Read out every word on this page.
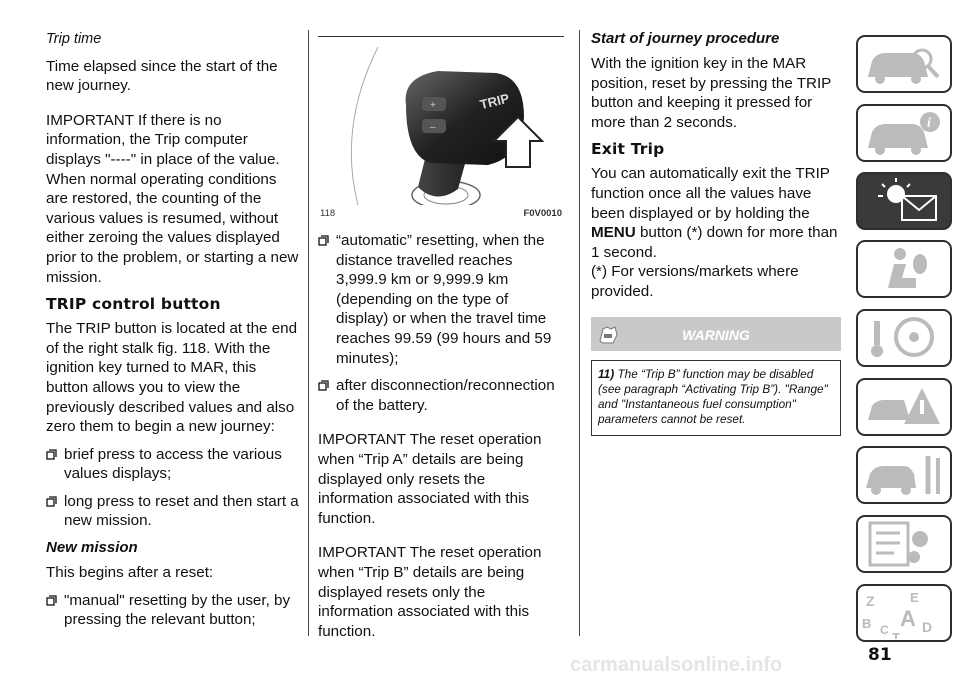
Trip time

Time elapsed since the start of the new journey.

IMPORTANT If there is no information, the Trip computer displays "----" in place of the value. When normal operating conditions are restored, the counting of the various values is resumed, without either zeroing the values displayed prior to the problem, or starting a new mission.

TRIP control button

The TRIP button is located at the end of the right stalk fig. 118. With the ignition key turned to MAR, this button allows you to view the previously described values and also zero them to begin a new journey:

brief press to access the various values displays;

long press to reset and then start a new mission.

New mission

This begins after a reset:

"manual" resetting by the user, by pressing the relevant button;

+
–
TRIP
118	F0V0010

“automatic” resetting, when the distance travelled reaches 3,999.9 km or 9,999.9 km (depending on the type of display) or when the travel time reaches 99.59 (99 hours and 59 minutes);

after disconnection/reconnection of the battery.

IMPORTANT The reset operation when “Trip A” details are being displayed only resets the information associated with this function.

IMPORTANT The reset operation when “Trip B” details are being displayed resets only the information associated with this function.

Start of journey procedure

With the ignition key in the MAR position, reset by pressing the TRIP button and keeping it pressed for more than 2 seconds.

Exit Trip

You can automatically exit the TRIP function once all the values have been displayed or by holding the MENU button (*) down for more than 1 second.

(*) For versions/markets where provided.

WARNING

11) The “Trip B” function may be disabled (see paragraph “Activating Trip B”). "Range" and "Instantaneous fuel consumption" parameters cannot be reset.

i
Z	E
B C A D
T
81
carmanualsonline.info
